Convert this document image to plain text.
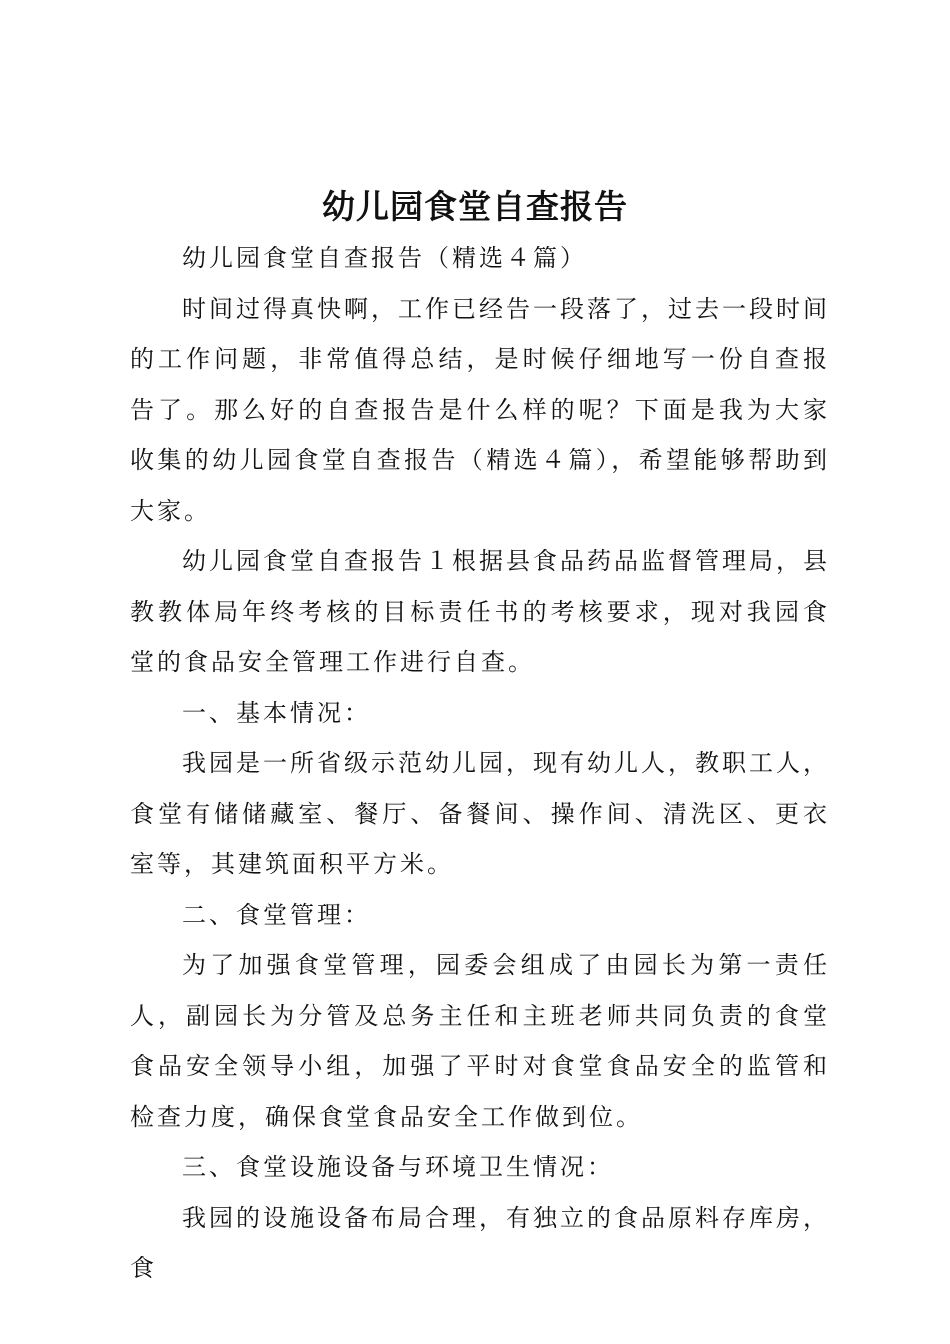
幼儿园食堂自查报告

幼儿园食堂自查报告（精选４篇）

时间过得真快啊，工作已经告一段落了，过去一段时间的工作问题，非常值得总结，是时候仔细地写一份自查报告了。那么好的自查报告是什么样的呢？下面是我为大家收集的幼儿园食堂自查报告（精选４篇），希望能够帮助到大家。

幼儿园食堂自查报告１根据县食品药品监督管理局，县教教体局年终考核的目标责任书的考核要求，现对我园食堂的食品安全管理工作进行自查。

一、基本情况：

我园是一所省级示范幼儿园，现有幼儿人，教职工人，食堂有储储藏室、餐厅、备餐间、操作间、清洗区、更衣室等，其建筑面积平方米。

二、食堂管理：

为了加强食堂管理，园委会组成了由园长为第一责任人，副园长为分管及总务主任和主班老师共同负责的食堂食品安全领导小组，加强了平时对食堂食品安全的监管和检查力度，确保食堂食品安全工作做到位。

三、食堂设施设备与环境卫生情况：

我园的设施设备布局合理，有独立的食品原料存库房，食
